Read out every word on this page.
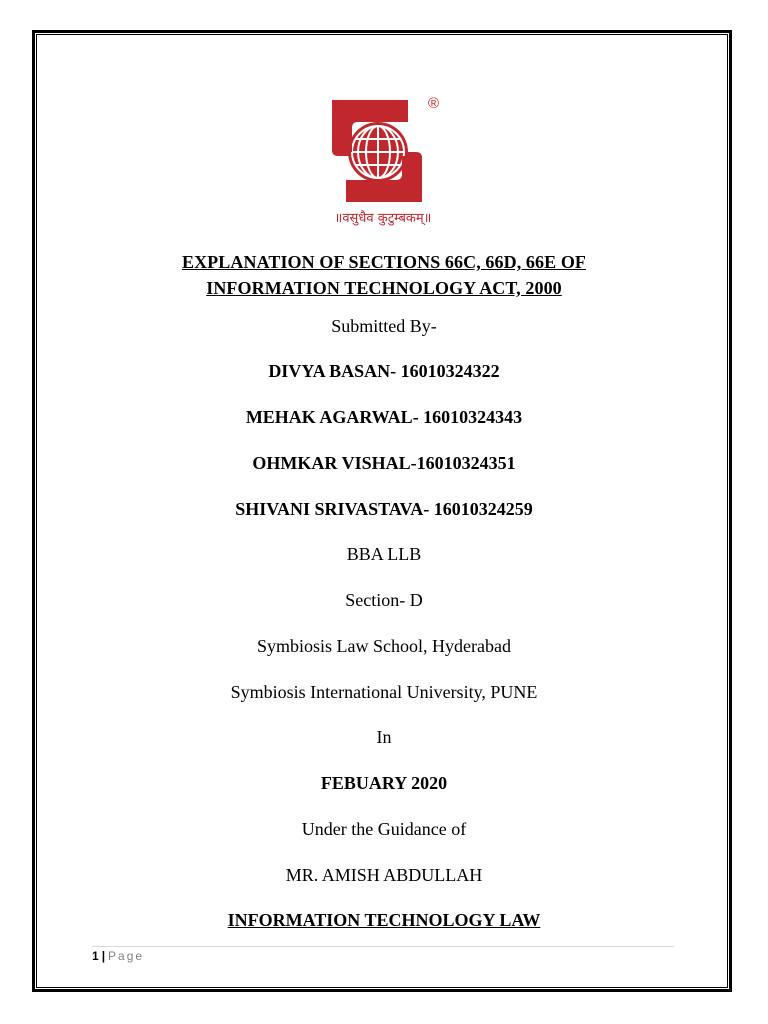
®
॥वसुधैव कुटुम्बकम्॥
EXPLANATION OF SECTIONS 66C, 66D, 66E OF
INFORMATION TECHNOLOGY ACT, 2000
Submitted By-
DIVYA BASAN- 16010324322
MEHAK AGARWAL- 16010324343
OHMKAR VISHAL-16010324351
SHIVANI SRIVASTAVA- 16010324259
BBA LLB
Section- D
Symbiosis Law School, Hyderabad
Symbiosis International University, PUNE
In
FEBUARY 2020
Under the Guidance of
MR. AMISH ABDULLAH
INFORMATION TECHNOLOGY LAW
1 | Page
